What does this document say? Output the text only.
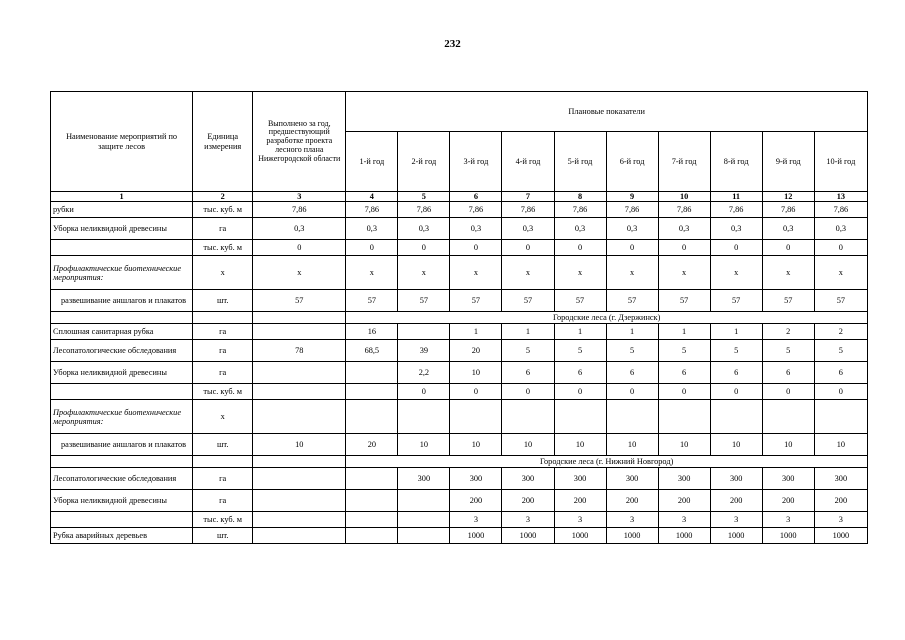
232
Наименование мероприятий по защите лесов	Единица измерения	Выполнено за год, предшествующий разработке проекта лесного плана Нижегородской области	Плановые показатели									
			1-й год	2-й год	3-й год	4-й год	5-й год	6-й год	7-й год	8-й год	9-й год	10-й год
1	2	3	4	5	6	7	8	9	10	11	12	13
рубки	тыс. куб. м	7,86	7,86	7,86	7,86	7,86	7,86	7,86	7,86	7,86	7,86	7,86
Уборка неликвидной древесины	га	0,3	0,3	0,3	0,3	0,3	0,3	0,3	0,3	0,3	0,3	0,3
	тыс. куб. м	0	0	0	0	0	0	0	0	0	0	0
Профилактические биотехнические мероприятия:	х	х	х	х	х	х	х	х	х	х	х	х
развешивание аншлагов и плакатов	шт.	57	57	57	57	57	57	57	57	57	57	57
			Городские леса (г. Дзержинск)									
Сплошная санитарная рубка	га		16		1	1	1	1	1	1	2	2
Лесопатологические обследования	га	78	68,5	39	20	5	5	5	5	5	5	5
Уборка неликвидной древесины	га			2,2	10	6	6	6	6	6	6	6
	тыс. куб. м			0	0	0	0	0	0	0	0	0
Профилактические биотехнические мероприятия:	х											
развешивание аншлагов и плакатов	шт.	10	20	10	10	10	10	10	10	10	10	10
			Городские леса (г. Нижний Новгород)									
Лесопатологические обследования	га			300	300	300	300	300	300	300	300	300
Уборка неликвидной древесины	га				200	200	200	200	200	200	200	200
	тыс. куб. м				3	3	3	3	3	3	3	3
Рубка аварийных деревьев	шт.				1000	1000	1000	1000	1000	1000	1000	1000
